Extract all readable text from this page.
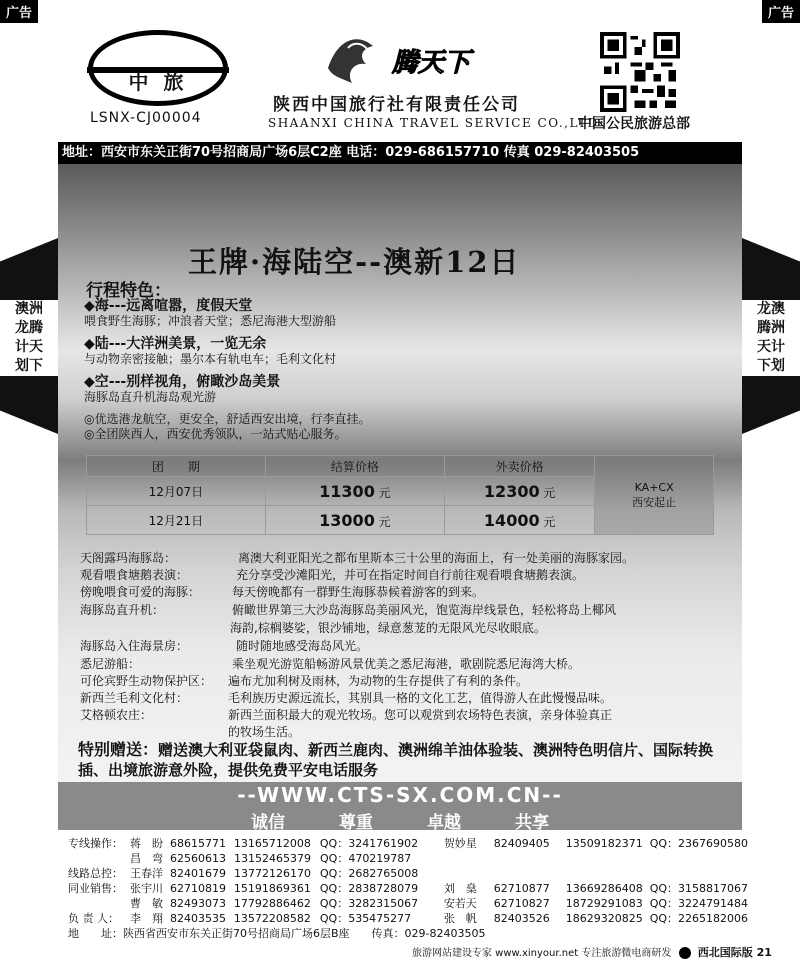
广告	广告
中 旅
LSNX-CJ00004
腾天下
陕西中国旅行社有限责任公司
SHAANXI CHINA TRAVEL SERVICE CO.,LTD
中国公民旅游总部
地址：西安市东关正街70号招商局广场6层C2座 电话：029-686157710 传真 029-82403505
澳洲
龙腾
计天
划下
龙澳
腾洲
天计
下划
王牌·海陆空--澳新12日
行程特色：
◆海---远离喧嚣，度假天堂
喂食野生海豚；冲浪者天堂；悉尼海港大型游船
◆陆---大洋洲美景，一览无余
与动物亲密接触；墨尔本有轨电车；毛利文化村
◆空---别样视角，俯瞰沙岛美景
海豚岛直升机海岛观光游
◎优选港龙航空，更安全，舒适西安出境，行李直挂。
◎全团陕西人，西安优秀领队，一站式贴心服务。
团　　期	结算价格	外卖价格	KA+CX
西安起止
12月07日	11300 元	12300 元	
12月21日	13000 元	14000 元	
天阁露玛海豚岛：	离澳大利亚阳光之都布里斯本三十公里的海面上，有一处美丽的海豚家园。
观看喂食塘鹅表演：	充分享受沙滩阳光，并可在指定时间自行前往观看喂食塘鹅表演。
傍晚喂食可爱的海豚：	每天傍晚都有一群野生海豚恭候着游客的到来。
海豚岛直升机：	俯瞰世界第三大沙岛海豚岛美丽风光，饱览海岸线景色，轻松将岛上椰风
海韵,棕榈婆娑，银沙铺地，绿意葱茏的无限风光尽收眼底。
海豚岛入住海景房：	随时随地感受海岛风光。
悉尼游船：	乘坐观光游览船畅游风景优美之悉尼海港，歌剧院悉尼海湾大桥。
可伦宾野生动物保护区： 遍布尤加利树及雨林，为动物的生存提供了有利的条件。
新西兰毛利文化村：	毛利族历史源远流长，其别具一格的文化工艺，值得游人在此慢慢品味。
艾格顿农庄：	新西兰面积最大的观光牧场。您可以观赏到农场特色表演，亲身体验真正
的牧场生活。
特别赠送：赠送澳大利亚袋鼠肉、新西兰鹿肉、澳洲绵羊油体验装、澳洲特色明信片、国际转换插、出境旅游意外险，提供免费平安电话服务
--WWW.CTS-SX.COM.CN--
诚信	尊重	卓越	共享
专线操作： 蒋　盼 68615771 13165712008 QQ：3241761902	贺妙星	82409405	13509182371 QQ：2367690580
昌　弯 62560613 13152465379 QQ：470219787
线路总控： 王春洋 82401679 13772126170 QQ：2682765008
同业销售： 张宇川 62710819 15191869361 QQ：2838728079	刘　燊	62710877	13669286408 QQ：3158817067
曹　敏 82493073 17792886462 QQ：3282315067	安若天	62710827	18729291083 QQ：3224791484
负 责 人： 李　翔 82403535 13572208582 QQ：535475277	张　帆	82403526	18629320825 QQ：2265182006
地　　址：陕西省西安市东关正街70号招商局广场6层B座　　传真：029-82403505
旅游网站建设专家 www.xinyour.net 专注旅游微电商研发 西北国际版 21
